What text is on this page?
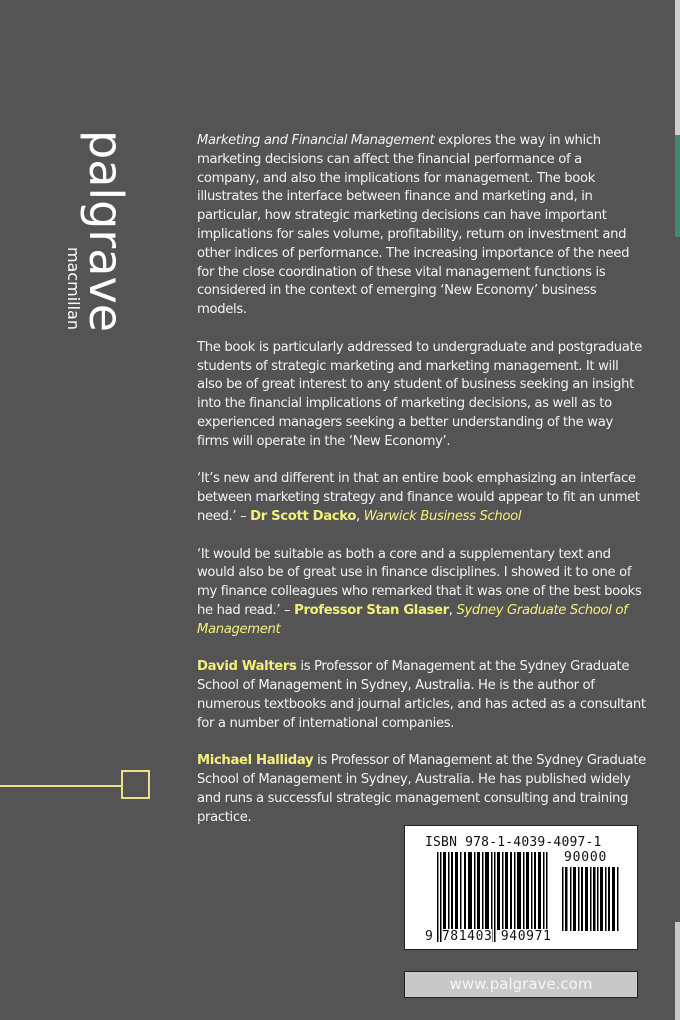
palgrave
macmillan

Marketing and Financial Management explores the way in which marketing decisions can affect the financial performance of a company, and also the implications for management. The book illustrates the interface between finance and marketing and, in particular, how strategic marketing decisions can have important implications for sales volume, profitability, return on investment and other indices of performance. The increasing importance of the need for the close coordination of these vital management functions is considered in the context of emerging ‘New Economy’ business models.

The book is particularly addressed to undergraduate and postgraduate students of strategic marketing and marketing management. It will also be of great interest to any student of business seeking an insight into the financial implications of marketing decisions, as well as to experienced managers seeking a better understanding of the way firms will operate in the ‘New Economy’.

‘It’s new and different in that an entire book emphasizing an interface between marketing strategy and finance would appear to fit an unmet need.’ – Dr Scott Dacko, Warwick Business School

‘It would be suitable as both a core and a supplementary text and would also be of great use in finance disciplines. I showed it to one of my finance colleagues who remarked that it was one of the best books he had read.’ – Professor Stan Glaser, Sydney Graduate School of Management

David Walters is Professor of Management at the Sydney Graduate School of Management in Sydney, Australia. He is the author of numerous textbooks and journal articles, and has acted as a consultant for a number of international companies.

Michael Halliday is Professor of Management at the Sydney Graduate School of Management in Sydney, Australia. He has published widely and runs a successful strategic management consulting and training practice.

ISBN 978-1-4039-4097-1
90000
9 781403 940971
www.palgrave.com
